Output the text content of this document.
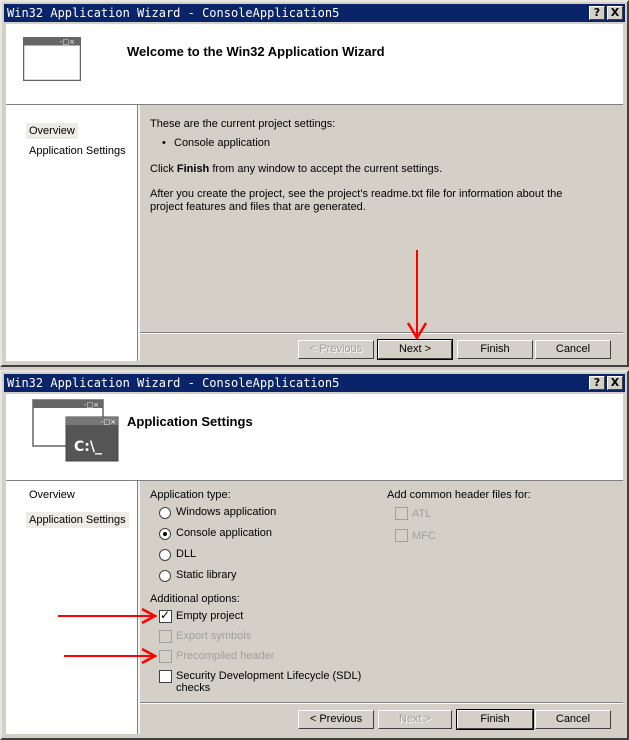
Win32 Application Wizard - ConsoleApplication5	? X
-□×
Welcome to the Win32 Application Wizard
Overview
Application Settings

These are the current project settings:

• Console application

Click Finish from any window to accept the current settings.

After you create the project, see the project's readme.txt file for information about the project features and files that are generated.

< Previous	Next >	Finish	Cancel
Win32 Application Wizard - ConsoleApplication5	? X
-□×
-□×
C:\_
Application Settings
Overview
Application Settings
Application type:
Windows application
Console application
DLL
Static library
Additional options:
✓ Empty project
Export symbols
Precompiled header
Security Development Lifecycle (SDL)
checks
Add common header files for:
ATL
MFC
< Previous	Next >	Finish	Cancel
